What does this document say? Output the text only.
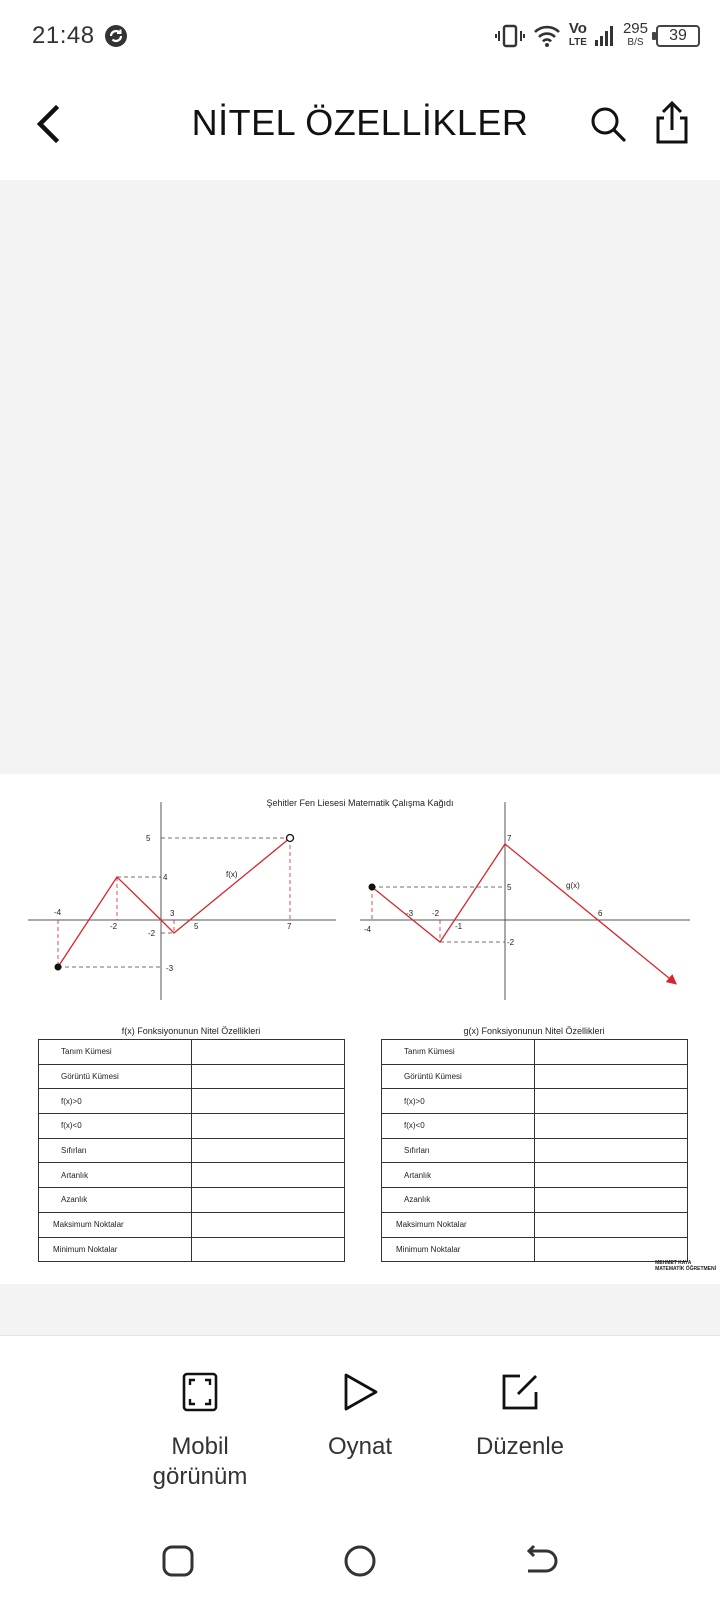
21:48	Vo
LTE
295
B/S 39
NİTEL ÖZELLİKLER
Şehitler Fen Liesesi Matematik Çalışma Kağıdı
-4
-2
3
5	7
5
4
-2
-3
f(x)
-4
-3 -2
-1
6
7
5
-2
g(x)
f(x) Fonksiyonunun Nitel Özellikleri
Tanım Kümesi	
Görüntü Kümesi	
f(x)>0	
f(x)<0	
Sıfırları	
Artanlık	
Azanlık	
Maksimum Noktalar	
Minimum Noktalar	
g(x) Fonksiyonunun Nitel Özellikleri
Tanım Kümesi	
Görüntü Kümesi	
f(x)>0	
f(x)<0	
Sıfırları	
Artanlık	
Azanlık	
Maksimum Noktalar	
Minimum Noktalar	
MEHMET KAYA
MATEMATİK ÖĞRETMENİ
Mobil
görünüm
Oynat	Düzenle
